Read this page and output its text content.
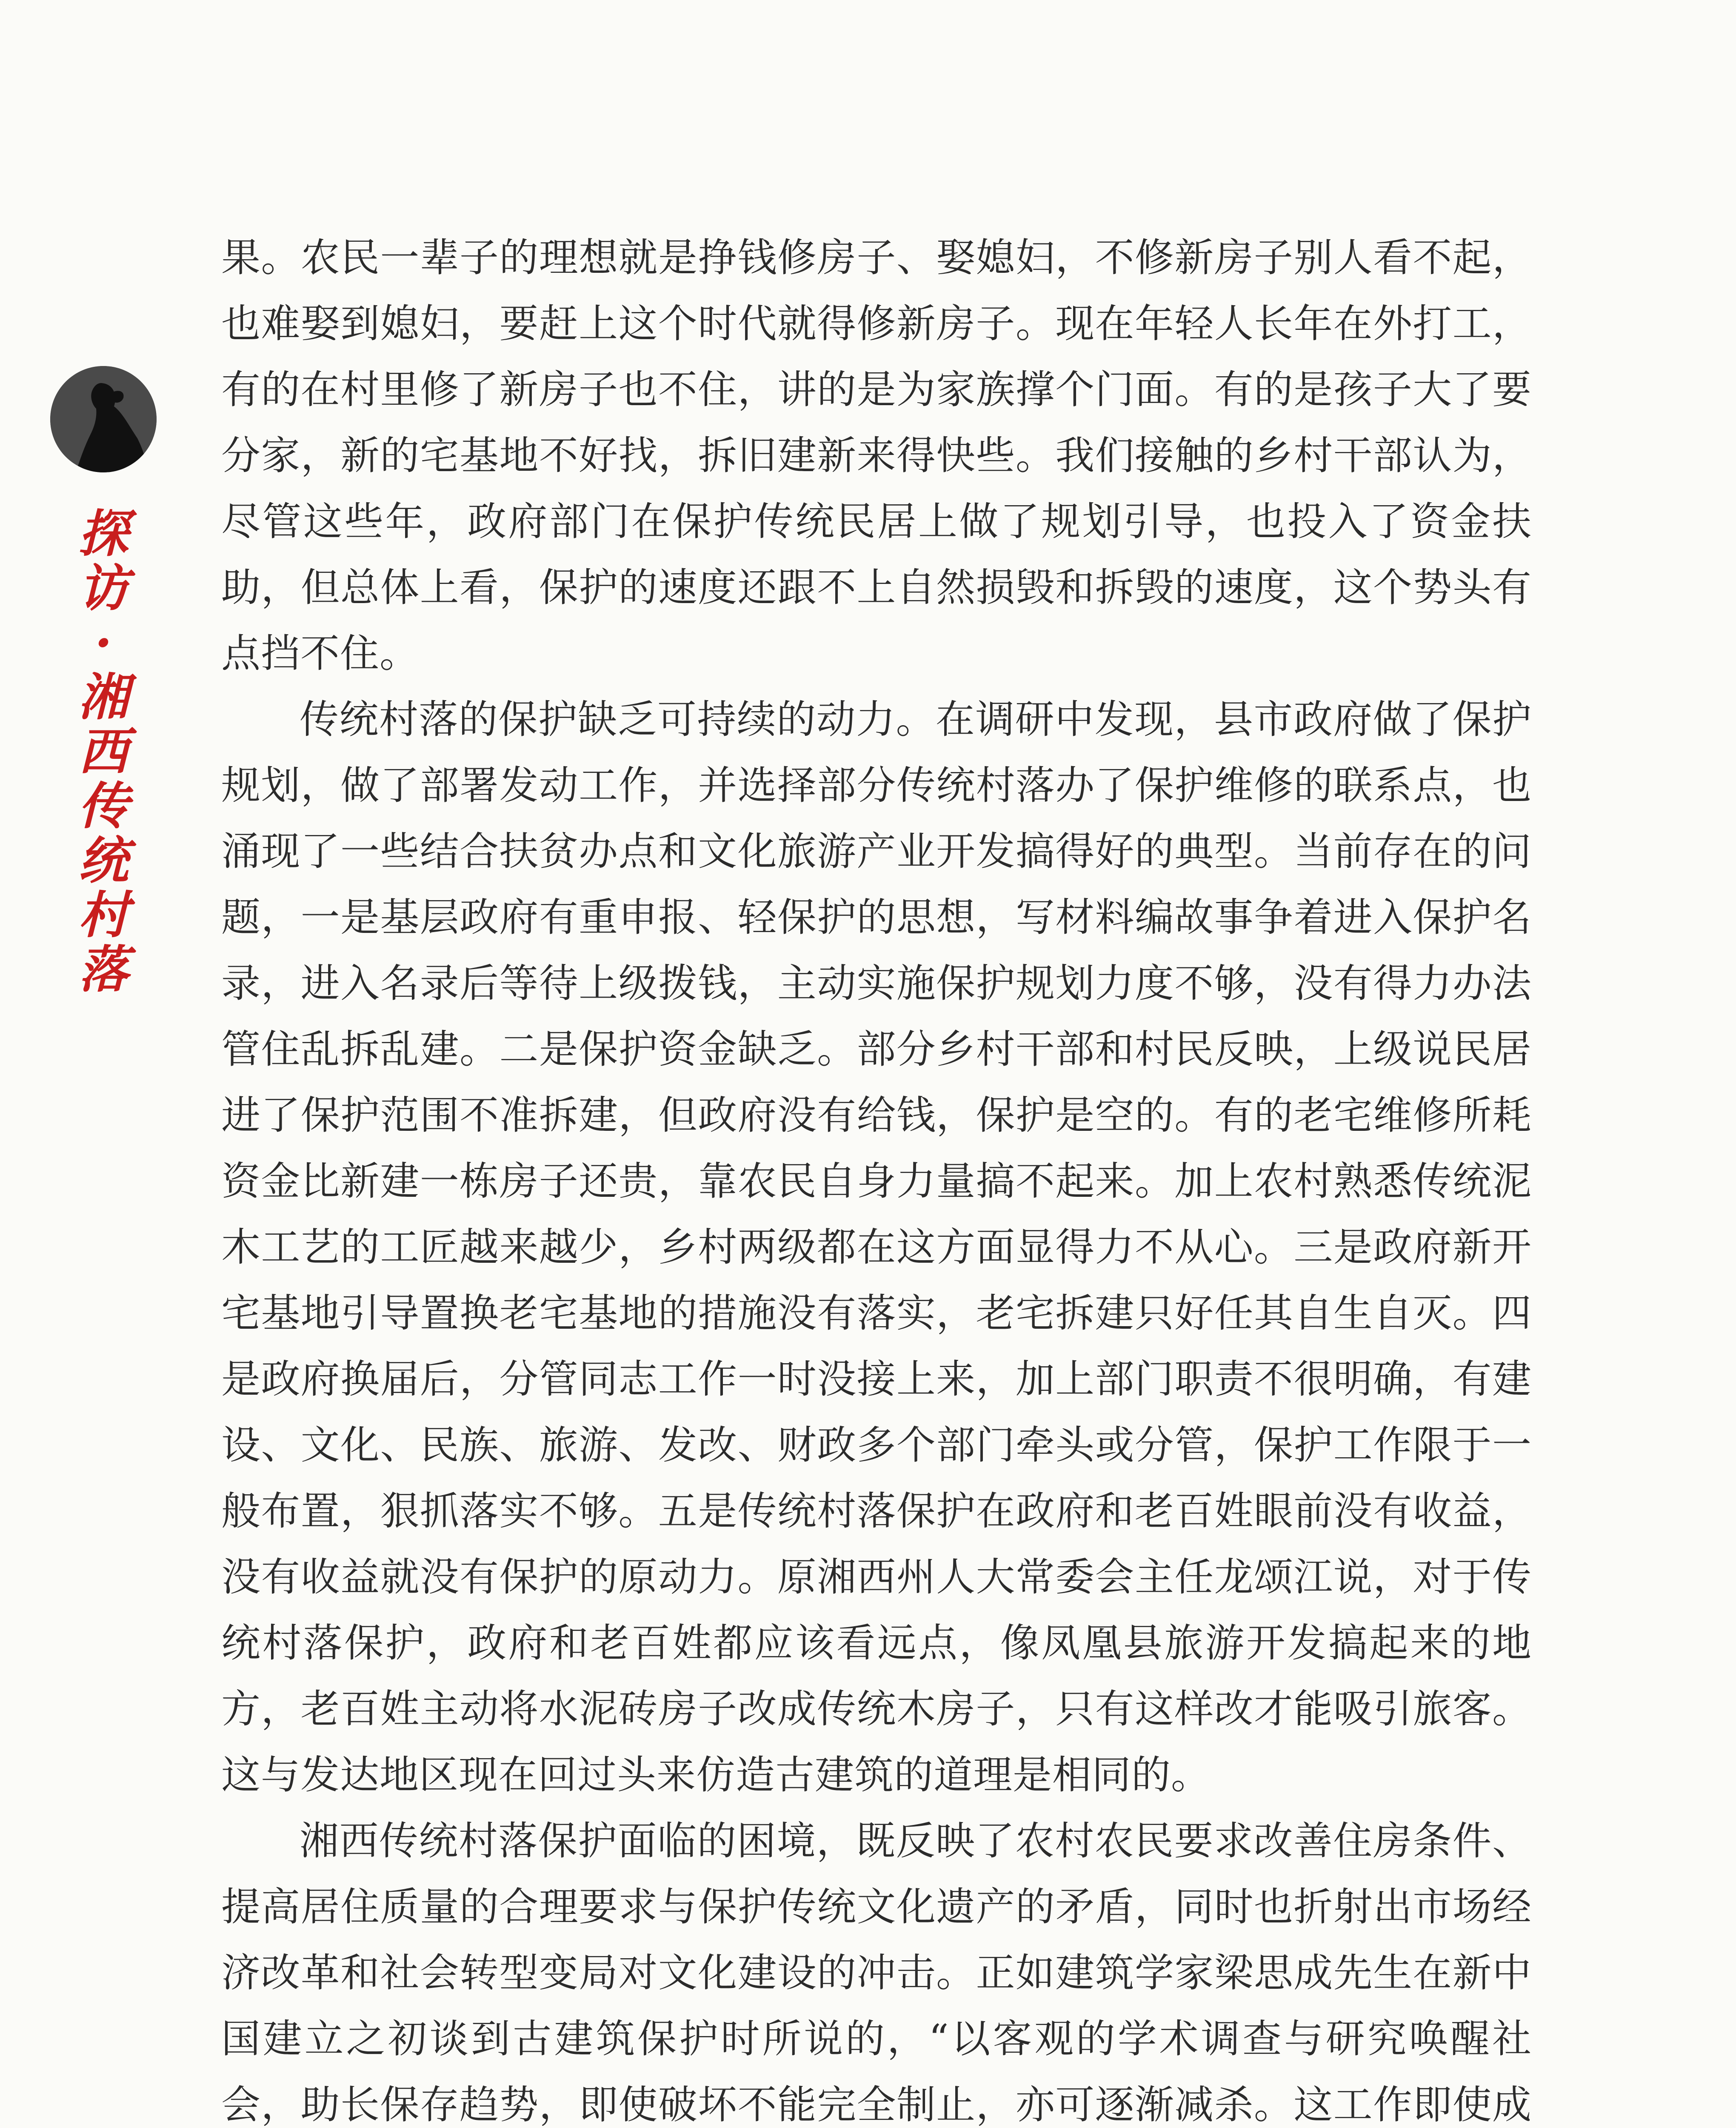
探
访
·
湘
西
传
统
村
落

果。农民一辈子的理想就是挣钱修房子、娶媳妇，不修新房子别人看不起，也难娶到媳妇，要赶上这个时代就得修新房子。现在年轻人长年在外打工，有的在村里修了新房子也不住，讲的是为家族撑个门面。有的是孩子大了要分家，新的宅基地不好找，拆旧建新来得快些。我们接触的乡村干部认为，尽管这些年，政府部门在保护传统民居上做了规划引导，也投入了资金扶助，但总体上看，保护的速度还跟不上自然损毁和拆毁的速度，这个势头有点挡不住。

传统村落的保护缺乏可持续的动力。在调研中发现，县市政府做了保护规划，做了部署发动工作，并选择部分传统村落办了保护维修的联系点，也涌现了一些结合扶贫办点和文化旅游产业开发搞得好的典型。当前存在的问题，一是基层政府有重申报、轻保护的思想，写材料编故事争着进入保护名录，进入名录后等待上级拨钱，主动实施保护规划力度不够，没有得力办法管住乱拆乱建。二是保护资金缺乏。部分乡村干部和村民反映，上级说民居进了保护范围不准拆建，但政府没有给钱，保护是空的。有的老宅维修所耗资金比新建一栋房子还贵，靠农民自身力量搞不起来。加上农村熟悉传统泥木工艺的工匠越来越少，乡村两级都在这方面显得力不从心。三是政府新开宅基地引导置换老宅基地的措施没有落实，老宅拆建只好任其自生自灭。四是政府换届后，分管同志工作一时没接上来，加上部门职责不很明确，有建设、文化、民族、旅游、发改、财政多个部门牵头或分管，保护工作限于一般布置，狠抓落实不够。五是传统村落保护在政府和老百姓眼前没有收益，没有收益就没有保护的原动力。原湘西州人大常委会主任龙颂江说，对于传统村落保护，政府和老百姓都应该看远点，像凤凰县旅游开发搞起来的地方，老百姓主动将水泥砖房子改成传统木房子，只有这样改才能吸引旅客。这与发达地区现在回过头来仿造古建筑的道理是相同的。

湘西传统村落保护面临的困境，既反映了农村农民要求改善住房条件、提高居住质量的合理要求与保护传统文化遗产的矛盾，同时也折射出市场经济改革和社会转型变局对文化建设的冲击。正如建筑学家梁思成先生在新中国建立之初谈到古建筑保护时所说的，“以客观的学术调查与研究唤醒社会，助长保存趋势，即使破坏不能完全制止，亦可逐渐减杀。这工作即使成
